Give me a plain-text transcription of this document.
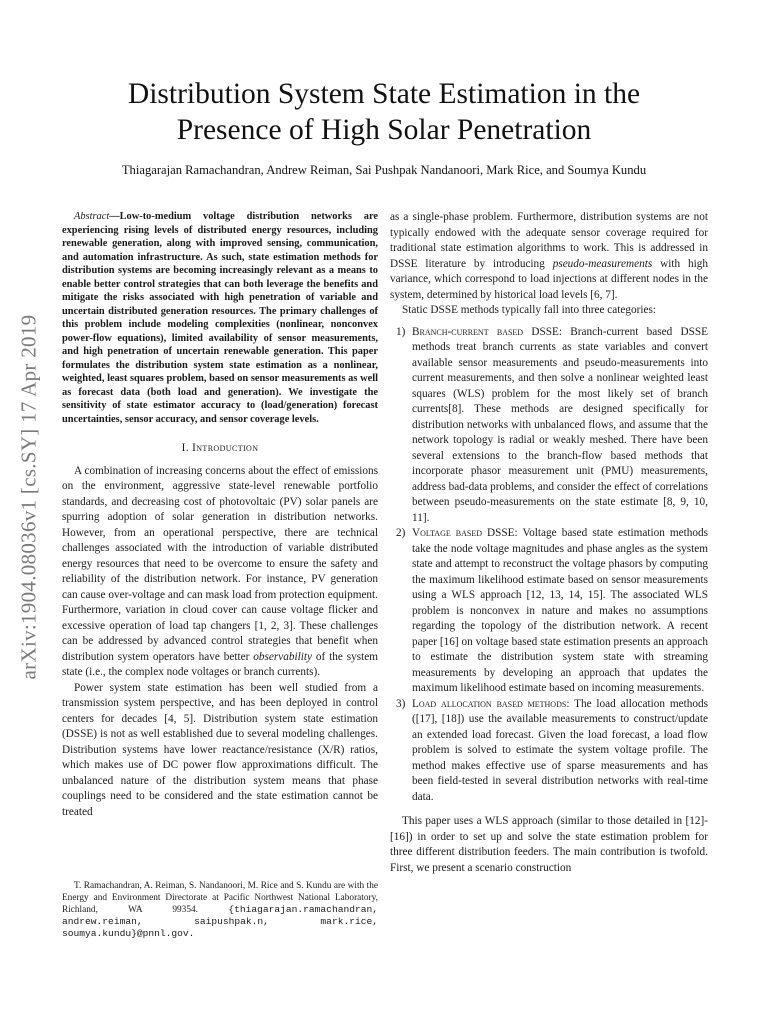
arXiv:1904.08036v1 [cs.SY] 17 Apr 2019
Distribution System State Estimation in the
Presence of High Solar Penetration
Thiagarajan Ramachandran, Andrew Reiman, Sai Pushpak Nandanoori, Mark Rice, and Soumya Kundu

Abstract—Low-to-medium voltage distribution networks are experiencing rising levels of distributed energy resources, including renewable generation, along with improved sensing, communication, and automation infrastructure. As such, state estimation methods for distribution systems are becoming increasingly relevant as a means to enable better control strategies that can both leverage the benefits and mitigate the risks associated with high penetration of variable and uncertain distributed generation resources. The primary challenges of this problem include modeling complexities (nonlinear, nonconvex power-flow equations), limited availability of sensor measurements, and high penetration of uncertain renewable generation. This paper formulates the distribution system state estimation as a nonlinear, weighted, least squares problem, based on sensor measurements as well as forecast data (both load and generation). We investigate the sensitivity of state estimator accuracy to (load/generation) forecast uncertainties, sensor accuracy, and sensor coverage levels.

I. Introduction

A combination of increasing concerns about the effect of emissions on the environment, aggressive state-level renewable portfolio standards, and decreasing cost of photovoltaic (PV) solar panels are spurring adoption of solar generation in distribution networks. However, from an operational perspective, there are technical challenges associated with the introduction of variable distributed energy resources that need to be overcome to ensure the safety and reliability of the distribution network. For instance, PV generation can cause over-voltage and can mask load from protection equipment. Furthermore, variation in cloud cover can cause voltage flicker and excessive operation of load tap changers [1, 2, 3]. These challenges can be addressed by advanced control strategies that benefit when distribution system operators have better observability of the system state (i.e., the complex node voltages or branch currents).

Power system state estimation has been well studied from a transmission system perspective, and has been deployed in control centers for decades [4, 5]. Distribution system state estimation (DSSE) is not as well established due to several modeling challenges. Distribution systems have lower reactance/resistance (X/R) ratios, which makes use of DC power flow approximations difficult. The unbalanced nature of the distribution system means that phase couplings need to be considered and the state estimation cannot be treated

T. Ramachandran, A. Reiman, S. Nandanoori, M. Rice and S. Kundu are with the Energy and Environment Directorate at Pacific Northwest National Laboratory, Richland, WA 99354. {thiagarajan.ramachandran, andrew.reiman, saipushpak.n, mark.rice, soumya.kundu}@pnnl.gov.

as a single-phase problem. Furthermore, distribution systems are not typically endowed with the adequate sensor coverage required for traditional state estimation algorithms to work. This is addressed in DSSE literature by introducing pseudo-measurements with high variance, which correspond to load injections at different nodes in the system, determined by historical load levels [6, 7].

Static DSSE methods typically fall into three categories:

1) Branch-current based DSSE: Branch-current based DSSE methods treat branch currents as state variables and convert available sensor measurements and pseudo-measurements into current measurements, and then solve a nonlinear weighted least squares (WLS) problem for the most likely set of branch currents[8]. These methods are designed specifically for distribution networks with unbalanced flows, and assume that the network topology is radial or weakly meshed. There have been several extensions to the branch-flow based methods that incorporate phasor measurement unit (PMU) measurements, address bad-data problems, and consider the effect of correlations between pseudo-measurements on the state estimate [8, 9, 10, 11].
2) Voltage based DSSE: Voltage based state estimation methods take the node voltage magnitudes and phase angles as the system state and attempt to reconstruct the voltage phasors by computing the maximum likelihood estimate based on sensor measurements using a WLS approach [12, 13, 14, 15]. The associated WLS problem is nonconvex in nature and makes no assumptions regarding the topology of the distribution network. A recent paper [16] on voltage based state estimation presents an approach to estimate the distribution system state with streaming measurements by developing an approach that updates the maximum likelihood estimate based on incoming measurements.
3) Load allocation based methods: The load allocation methods ([17], [18]) use the available measurements to construct/update an extended load forecast. Given the load forecast, a load flow problem is solved to estimate the system voltage profile. The method makes effective use of sparse measurements and has been field-tested in several distribution networks with real-time data.

This paper uses a WLS approach (similar to those detailed in [12]-[16]) in order to set up and solve the state estimation problem for three different distribution feeders. The main contribution is twofold. First, we present a scenario construction
